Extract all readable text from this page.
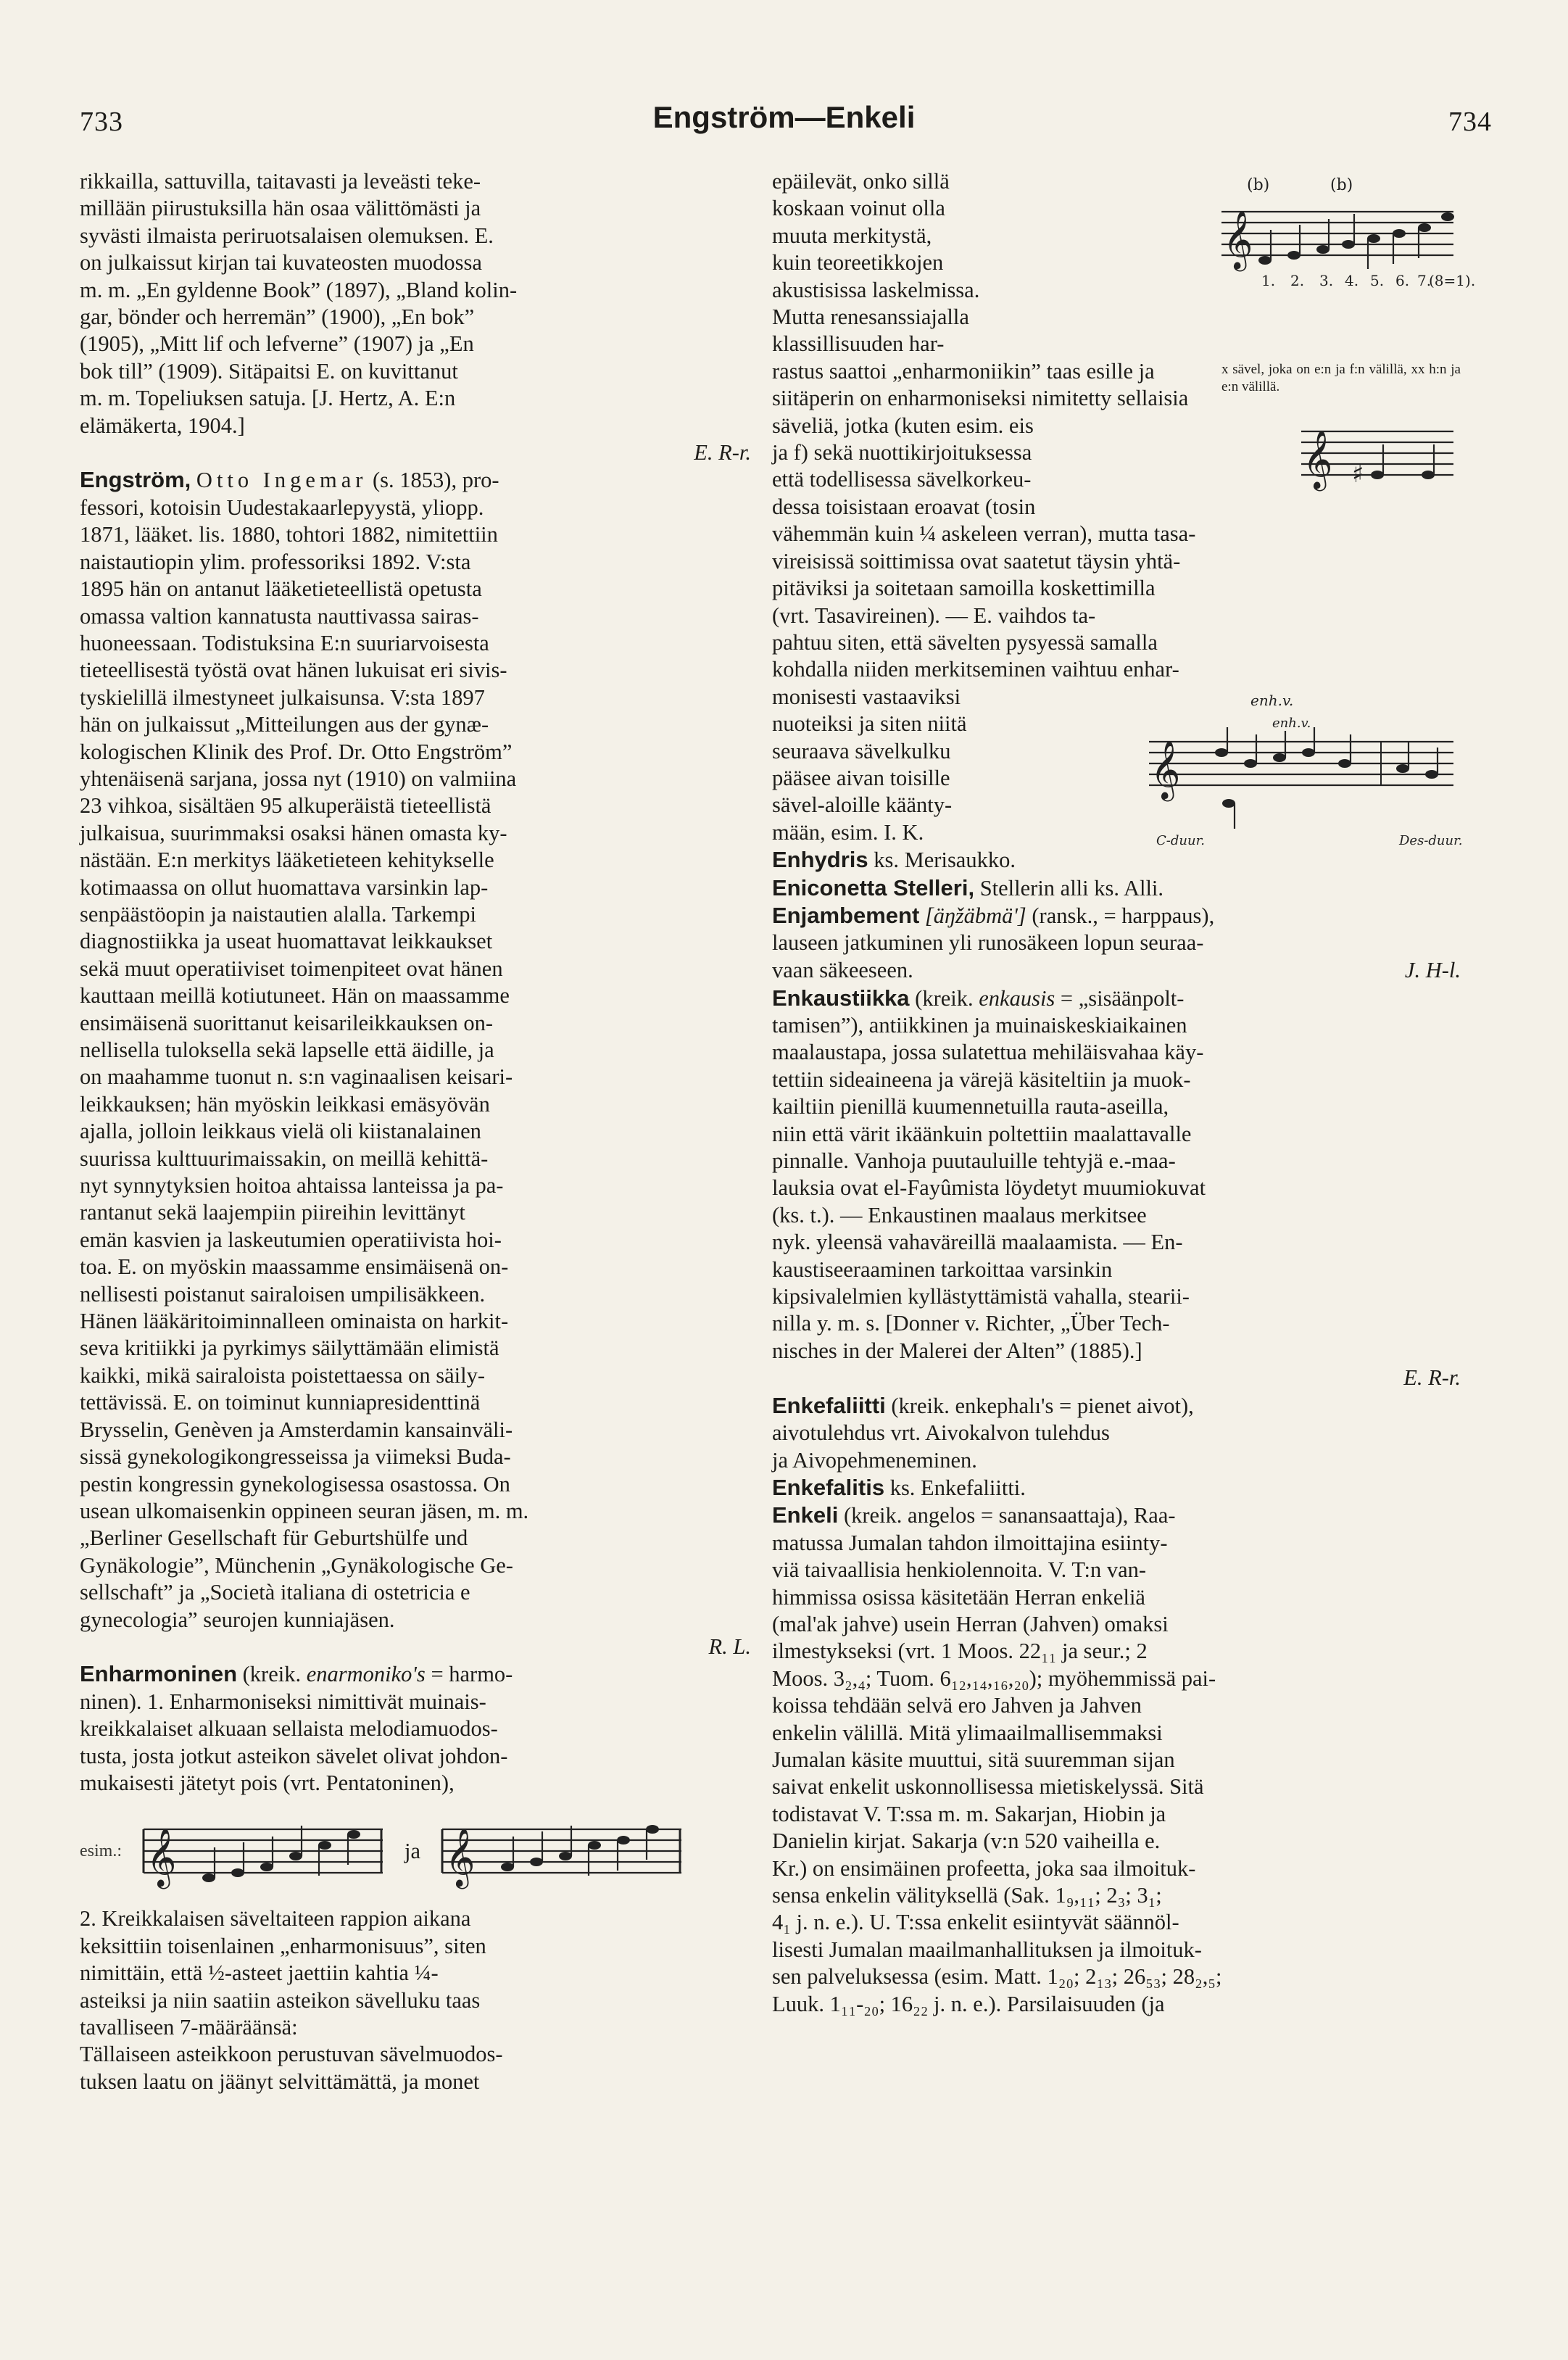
733	Engström—Enkeli	734
rikkailla, sattuvilla, taitavasti ja leveästi teke-
millään piirustuksilla hän osaa välittömästi ja
syvästi ilmaista periruotsalaisen olemuksen. E.
on julkaissut kirjan tai kuvateosten muodossa
m. m. „En gyldenne Book” (1897), „Bland kolin-
gar, bönder och herremän” (1900), „En bok”
(1905), „Mitt lif och lefverne” (1907) ja „En
bok till” (1909). Sitäpaitsi E. on kuvittanut
m. m. Topeliuksen satuja. [J. Hertz, A. E:n
elämäkerta, 1904.]
E. R-r.
Engström, Otto Ingemar (s. 1853), pro-
fessori, kotoisin Uudestakaarlepyystä, yliopp.
1871, lääket. lis. 1880, tohtori 1882, nimitettiin
naistautiopin ylim. professoriksi 1892. V:sta
1895 hän on antanut lääketieteellistä opetusta
omassa valtion kannatusta nauttivassa sairas-
huoneessaan. Todistuksina E:n suuriarvoisesta
tieteellisestä työstä ovat hänen lukuisat eri sivis-
tyskielillä ilmestyneet julkaisunsa. V:sta 1897
hän on julkaissut „Mitteilungen aus der gynæ-
kologischen Klinik des Prof. Dr. Otto Engström”
yhtenäisenä sarjana, jossa nyt (1910) on valmiina
23 vihkoa, sisältäen 95 alkuperäistä tieteellistä
julkaisua, suurimmaksi osaksi hänen omasta ky-
nästään. E:n merkitys lääketieteen kehitykselle
kotimaassa on ollut huomattava varsinkin lap-
senpäästöopin ja naistautien alalla. Tarkempi
diagnostiikka ja useat huomattavat leikkaukset
sekä muut operatiiviset toimenpiteet ovat hänen
kauttaan meillä kotiutuneet. Hän on maassamme
ensimäisenä suorittanut keisarileikkauksen on-
nellisella tuloksella sekä lapselle että äidille, ja
on maahamme tuonut n. s:n vaginaalisen keisari-
leikkauksen; hän myöskin leikkasi emäsyövän
ajalla, jolloin leikkaus vielä oli kiistanalainen
suurissa kulttuurimaissakin, on meillä kehittä-
nyt synnytyksien hoitoa ahtaissa lanteissa ja pa-
rantanut sekä laajempiin piireihin levittänyt
emän kasvien ja laskeutumien operatiivista hoi-
toa. E. on myöskin maassamme ensimäisenä on-
nellisesti poistanut sairaloisen umpilisäkkeen.
Hänen lääkäritoiminnalleen ominaista on harkit-
seva kritiikki ja pyrkimys säilyttämään elimistä
kaikki, mikä sairaloista poistettaessa on säily-
tettävissä. E. on toiminut kunniapresidenttinä
Brysselin, Genèven ja Amsterdamin kansainväli-
sissä gynekologikongresseissa ja viimeksi Buda-
pestin kongressin gynekologisessa osastossa. On
usean ulkomaisenkin oppineen seuran jäsen, m. m.
„Berliner Gesellschaft für Geburtshülfe und
Gynäkologie”, Münchenin „Gynäkologische Ge-
sellschaft” ja „Società italiana di ostetricia e
gynecologia” seurojen kunniajäsen.
R. L.
Enharmoninen (kreik. enarmoniko's = harmo-
ninen). 1. Enharmoniseksi nimittivät muinais-
kreikkalaiset alkuaan sellaista melodiamuodos-
tusta, josta jotkut asteikon sävelet olivat johdon-
mukaisesti jätetyt pois (vrt. Pentatoninen),
esim.: 𝄞	ja 𝄞
2. Kreikkalaisen säveltaiteen rappion aikana
keksittiin toisenlainen „enharmonisuus”, siten
nimittäin, että ½-asteet jaettiin kahtia ¼-
asteiksi ja niin saatiin asteikon sävelluku taas
tavalliseen 7-määräänsä:
Tällaiseen asteikkoon perustuvan sävelmuodos-
tuksen laatu on jäänyt selvittämättä, ja monet
(b)	(b)
𝄞
1. 2. 3. 4. 5. 6. 7.
(8=1).
epäilevät, onko sillä
koskaan voinut olla
muuta merkitystä,
kuin teoreetikkojen
akustisissa laskelmissa.
Mutta renesanssiajalla
klassillisuuden har-
x sävel, joka on e:n ja f:n välillä, xx h:n ja e:n välillä.
rastus saattoi „enharmoniikin” taas esille ja
siitäperin on enharmoniseksi nimitetty sellaisia
𝄞 ♯
säveliä, jotka (kuten esim. eis
ja f) sekä nuottikirjoituksessa
että todellisessa sävelkorkeu-
dessa toisistaan eroavat (tosin
vähemmän kuin ¼ askeleen verran), mutta tasa-
vireisissä soittimissa ovat saatetut täysin yhtä-
pitäviksi ja soitetaan samoilla koskettimilla
(vrt. Tasavireinen). — E. vaihdos ta-
pahtuu siten, että sävelten pysyessä samalla
kohdalla niiden merkitseminen vaihtuu enhar-
enh.v.
enh.v.
𝄞
C-duur.	Des-duur.
monisesti vastaaviksi
nuoteiksi ja siten niitä
seuraava sävelkulku
pääsee aivan toisille
sävel-aloille käänty-
mään, esim. I. K.
Enhydris ks. Merisaukko.
Eniconetta Stelleri, Stellerin alli ks. Alli.
Enjambement [äŋžäbmä'] (ransk., = harppaus),
lauseen jatkuminen yli runosäkeen lopun seuraa-
vaan säkeeseen.	J. H-l.
Enkaustiikka (kreik. enkausis = „sisäänpolt-
tamisen”), antiikkinen ja muinaiskeskiaikainen
maalaustapa, jossa sulatettua mehiläisvahaa käy-
tettiin sideaineena ja värejä käsiteltiin ja muok-
kailtiin pienillä kuumennetuilla rauta-aseilla,
niin että värit ikäänkuin poltettiin maalattavalle
pinnalle. Vanhoja puutauluille tehtyjä e.-maa-
lauksia ovat el-Fayûmista löydetyt muumiokuvat
(ks. t.). — Enkaustinen maalaus merkitsee
nyk. yleensä vahaväreillä maalaamista. — En-
kaustiseeraaminen tarkoittaa varsinkin
kipsivalelmien kyllästyttämistä vahalla, stearii-
nilla y. m. s. [Donner v. Richter, „Über Tech-
nisches in der Malerei der Alten” (1885).]
E. R-r.
Enkefaliitti (kreik. enkephalı's = pienet aivot),
aivotulehdus vrt. Aivokalvon tulehdus
ja Aivopehmeneminen.
Enkefalitis ks. Enkefaliitti.
Enkeli (kreik. angelos = sanansaattaja), Raa-
matussa Jumalan tahdon ilmoittajina esiinty-
viä taivaallisia henkiolennoita. V. T:n van-
himmissa osissa käsitetään Herran enkeliä
(mal'ak jahve) usein Herran (Jahven) omaksi
ilmestykseksi (vrt. 1 Moos. 22₁₁ ja seur.; 2
Moos. 3₂,₄; Tuom. 6₁₂,₁₄,₁₆,₂₀); myöhemmissä pai-
koissa tehdään selvä ero Jahven ja Jahven
enkelin välillä. Mitä ylimaailmallisemmaksi
Jumalan käsite muuttui, sitä suuremman sijan
saivat enkelit uskonnollisessa mietiskelyssä. Sitä
todistavat V. T:ssa m. m. Sakarjan, Hiobin ja
Danielin kirjat. Sakarja (v:n 520 vaiheilla e.
Kr.) on ensimäinen profeetta, joka saa ilmoituk-
sensa enkelin välityksellä (Sak. 1₉,₁₁; 2₃; 3₁;
4₁ j. n. e.). U. T:ssa enkelit esiintyvät säännöl-
lisesti Jumalan maailmanhallituksen ja ilmoituk-
sen palveluksessa (esim. Matt. 1₂₀; 2₁₃; 26₅₃; 28₂,₅;
Luuk. 1₁₁-₂₀; 16₂₂ j. n. e.). Parsilaisuuden (ja
